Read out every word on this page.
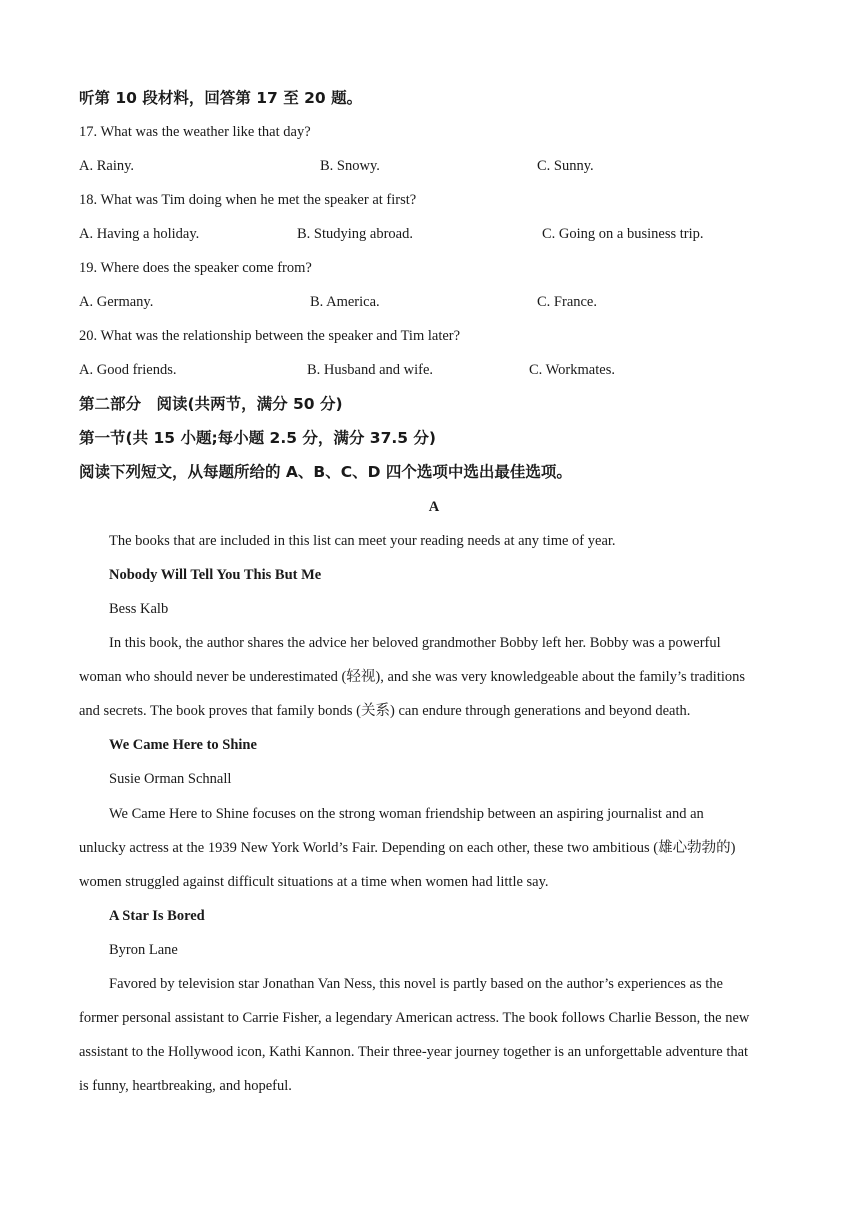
听第 10 段材料，回答第 17 至 20 题。
17. What was the weather like that day?
A. Rainy.	B. Snowy.	C. Sunny.
18. What was Tim doing when he met the speaker at first?
A. Having a holiday.	B. Studying abroad.	C. Going on a business trip.
19. Where does the speaker come from?
A. Germany.	B. America.	C. France.
20. What was the relationship between the speaker and Tim later?
A. Good friends.	B. Husband and wife.	C. Workmates.
第二部分　阅读(共两节，满分 50 分)
第一节(共 15 小题;每小题 2.5 分，满分 37.5 分)
阅读下列短文，从每题所给的 A、B、C、D 四个选项中选出最佳选项。
A
The books that are included in this list can meet your reading needs at any time of year.
Nobody Will Tell You This But Me
Bess Kalb
In this book, the author shares the advice her beloved grandmother Bobby left her. Bobby was a powerful
woman who should never be underestimated (轻视), and she was very knowledgeable about the family’s traditions
and secrets. The book proves that family bonds (关系) can endure through generations and beyond death.
We Came Here to Shine
Susie Orman Schnall
We Came Here to Shine focuses on the strong woman friendship between an aspiring journalist and an
unlucky actress at the 1939 New York World’s Fair. Depending on each other, these two ambitious (雄心勃勃的)
women struggled against difficult situations at a time when women had little say.
A Star Is Bored
Byron Lane
Favored by television star Jonathan Van Ness, this novel is partly based on the author’s experiences as the
former personal assistant to Carrie Fisher, a legendary American actress. The book follows Charlie Besson, the new
assistant to the Hollywood icon, Kathi Kannon. Their three-year journey together is an unforgettable adventure that
is funny, heartbreaking, and hopeful.
